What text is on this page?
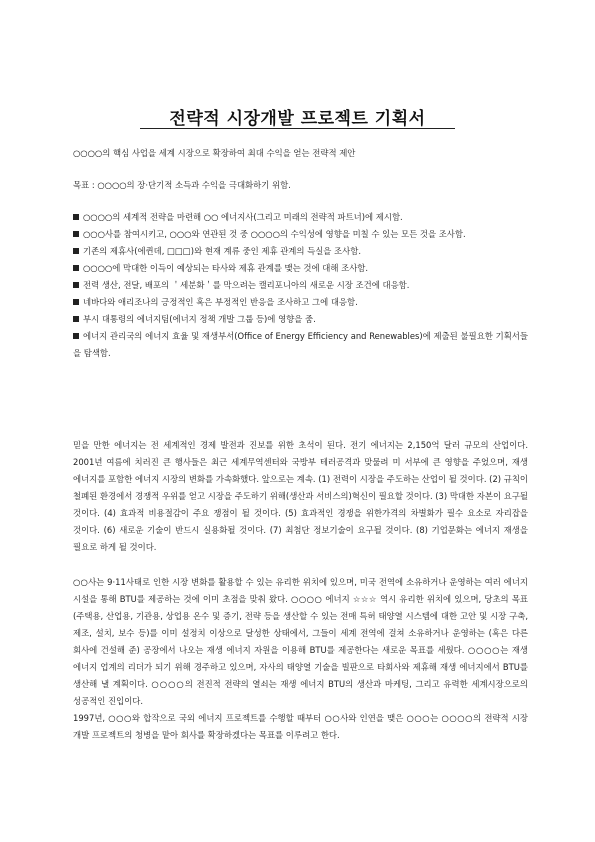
전략적 시장개발 프로젝트 기획서
○○○○의 핵심 사업을 세계 시장으로 확장하여 최대 수익을 얻는 전략적 제안
목표 : ○○○○의 장·단기적 소득과 수익을 극대화하기 위함.
○○○○의 세계적 전략을 마련해 ○○ 에너지사(그리고 미래의 전략적 파트너)에 제시함.
○○○사를 참여시키고, ○○○와 연관된 것 중 ○○○○의 수익성에 영향을 미칠 수 있는 모든 것을 조사함.
기존의 제휴사(에퀸데, □□□)와 현재 계류 중인 제휴 관계의 득실을 조사함.
○○○○에 막대한 이득이 예상되는 타사와 제휴 관계를 맺는 것에 대해 조사함.
전력 생산, 전달, 배포의 ＇세분화＇를 막으려는 캘리포니아의 새로운 시장 조건에 대응함.
네바다와 애리조나의 긍정적인 혹은 부정적인 반응을 조사하고 그에 대응함.
부시 대통령의 에너지팀(에너지 정책 개발 그룹 등)에 영향을 줌.
에너지 관리국의 에너지 효율 및 재생부서(Office of Energy Efficiency and Renewables)에 제출된 불필요한 기획서들을 탐색함.

믿을 만한 에너지는 전 세계적인 경제 발전과 진보를 위한 초석이 된다. 전기 에너지는 2,150억 달러 규모의 산업이다. 2001년 여름에 치러진 큰 행사들은 최근 세계무역센터와 국방부 테러공격과 맞물려 미 서부에 큰 영향을 주었으며, 재생 에너지를 포함한 에너지 시장의 변화를 가속화했다. 앞으로는 계속. (1) 전력이 시장을 주도하는 산업이 될 것이다. (2) 규칙이 철폐된 환경에서 경쟁적 우위를 얻고 시장을 주도하기 위해(생산과 서비스의)혁신이 필요할 것이다. (3) 막대한 자본이 요구될 것이다. (4) 효과적 비용절감이 주요 쟁점이 될 것이다. (5) 효과적인 경쟁을 위한가격의 차별화가 필수 요소로 자리잡을 것이다. (6) 새로운 기술이 반드시 실용화될 것이다. (7) 최첨단 정보기술이 요구될 것이다. (8) 기업문화는 에너지 재생을 필요로 하게 될 것이다.

○○사는 9·11사태로 인한 시장 변화를 활용할 수 있는 유리한 위치에 있으며, 미국 전역에 소유하거나 운영하는 여러 에너지 시설을 통해 BTU를 제공하는 것에 이미 초점을 맞춰 왔다. ○○○○ 에너지 ☆☆☆ 역시 유리한 위치에 있으며, 당초의 목표(주택용, 산업용, 기관용, 상업용 온수 및 증기, 전략 등을 생산할 수 있는 전매 특허 태양열 시스템에 대한 고안 및 시장 구축, 제조, 설치, 보수 등)를 이미 설정치 이상으로 달성한 상태에서, 그들이 세계 전역에 걸쳐 소유하거나 운영하는 (혹은 다른 회사에 건설해 준) 공장에서 나오는 재생 에너지 자원을 이용해 BTU를 제공한다는 새로운 목표를 세웠다. ○○○○는 재생 에너지 업계의 리더가 되기 위해 경주하고 있으며, 자사의 태양열 기술을 빌판으로 타회사와 제휴해 재생 에너지에서 BTU를 생산해 낼 계획이다. ○○○○의 전진적 전략의 열쇠는 재생 에너지 BTU의 생산과 마케팅, 그리고 유력한 세계시장으로의 성공적인 진입이다.

1997년, ○○○와 합작으로 국외 에너지 프로젝트를 수행할 때부터 ○○사와 인연을 맺은 ○○○는 ○○○○의 전략적 시장 개발 프로젝트의 청병을 맡아 회사를 확장하겠다는 목표를 이루려고 한다.
